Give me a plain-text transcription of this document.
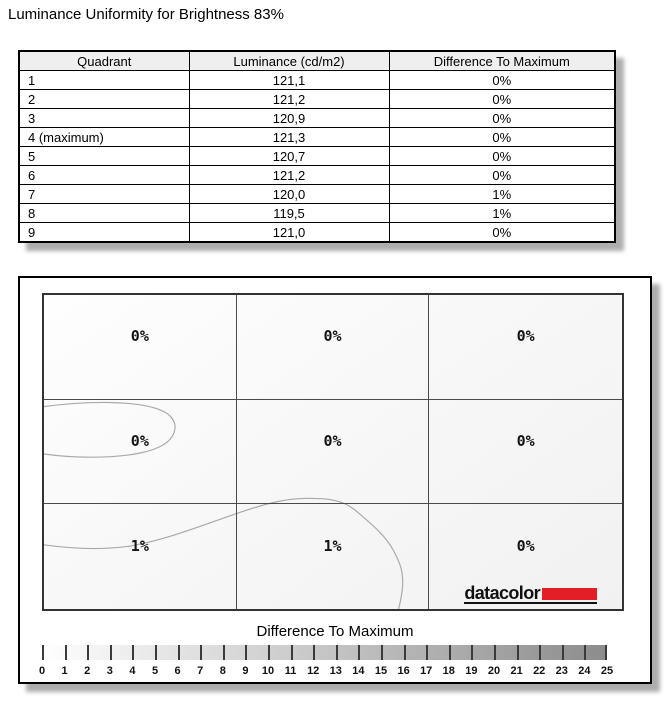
Luminance Uniformity for Brightness 83%
Quadrant	Luminance (cd/m2)	Difference To Maximum
1	121,1	0%
2	121,2	0%
3	120,9	0%
4 (maximum)	121,3	0%
5	120,7	0%
6	121,2	0%
7	120,0	1%
8	119,5	1%
9	121,0	0%
datacolor
0%	0%	0%
0%	0%	0%
1%	1%	0%
Difference To Maximum
0 1 2 3 4 5 6 7 8 9 10 11 12 13 14 15 16 17 18 19 20 21 22 23 24 25
